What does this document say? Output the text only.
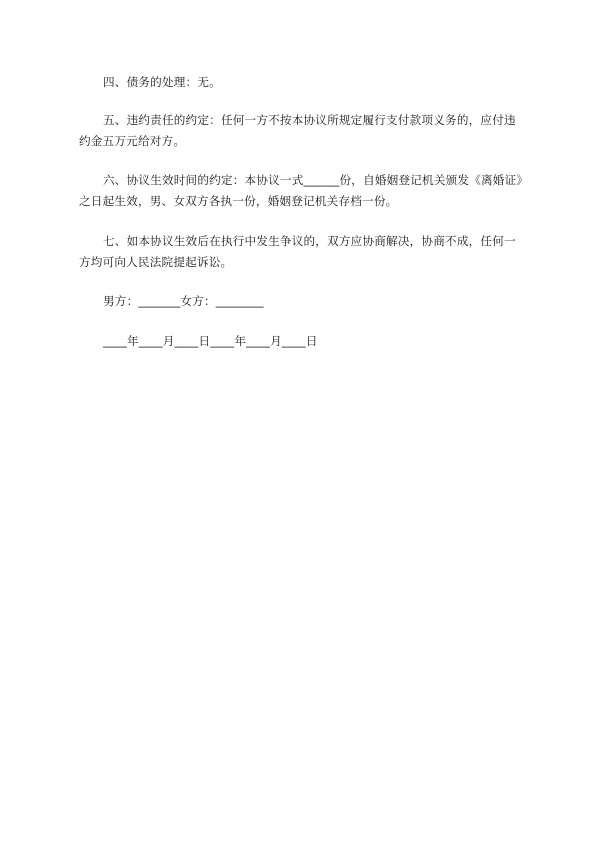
四、债务的处理：无。

五、违约责任的约定：任何一方不按本协议所规定履行支付款项义务的，应付违约金五万元给对方。

六、协议生效时间的约定：本协议一式______份，自婚姻登记机关颁发《离婚证》之日起生效，男、女双方各执一份，婚姻登记机关存档一份。

七、如本协议生效后在执行中发生争议的，双方应协商解决，协商不成，任何一方均可向人民法院提起诉讼。

男方：_______女方：________

____年____月____日____年____月____日
